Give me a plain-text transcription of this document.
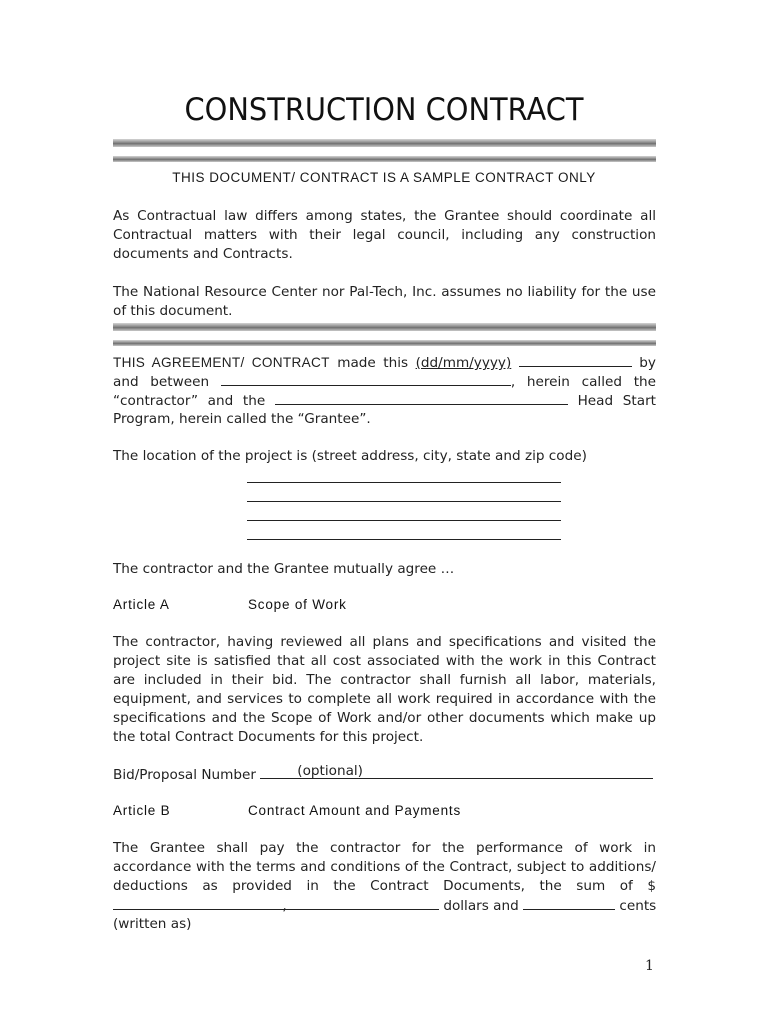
CONSTRUCTION CONTRACT
THIS DOCUMENT/ CONTRACT IS A SAMPLE CONTRACT ONLY
As Contractual law differs among states, the Grantee should coordinate all Contractual matters with their legal council, including any construction documents and Contracts.
The National Resource Center nor Pal-Tech, Inc. assumes no liability for the use of this document.
THIS AGREEMENT/ CONTRACT made this (dd/mm/yyyy)	by
and between	, herein called the
“contractor” and the	Head Start
Program, herein called the “Grantee”.
The location of the project is (street address, city, state and zip code)
The contractor and the Grantee mutually agree …
Article A	Scope of Work
The contractor, having reviewed all plans and specifications and visited the project site is satisfied that all cost associated with the work in this Contract are included in their bid. The contractor shall furnish all labor, materials, equipment, and services to complete all work required in accordance with the specifications and the Scope of Work and/or other documents which make up the total Contract Documents for this project.
Bid/Proposal Number	(optional)
Article B	Contract Amount and Payments
The Grantee shall pay the contractor for the performance of work in accordance with the terms and conditions of the Contract, subject to additions/ deductions as provided in the Contract Documents, the sum of $  ,	dollars and	cents
(written as)
1
